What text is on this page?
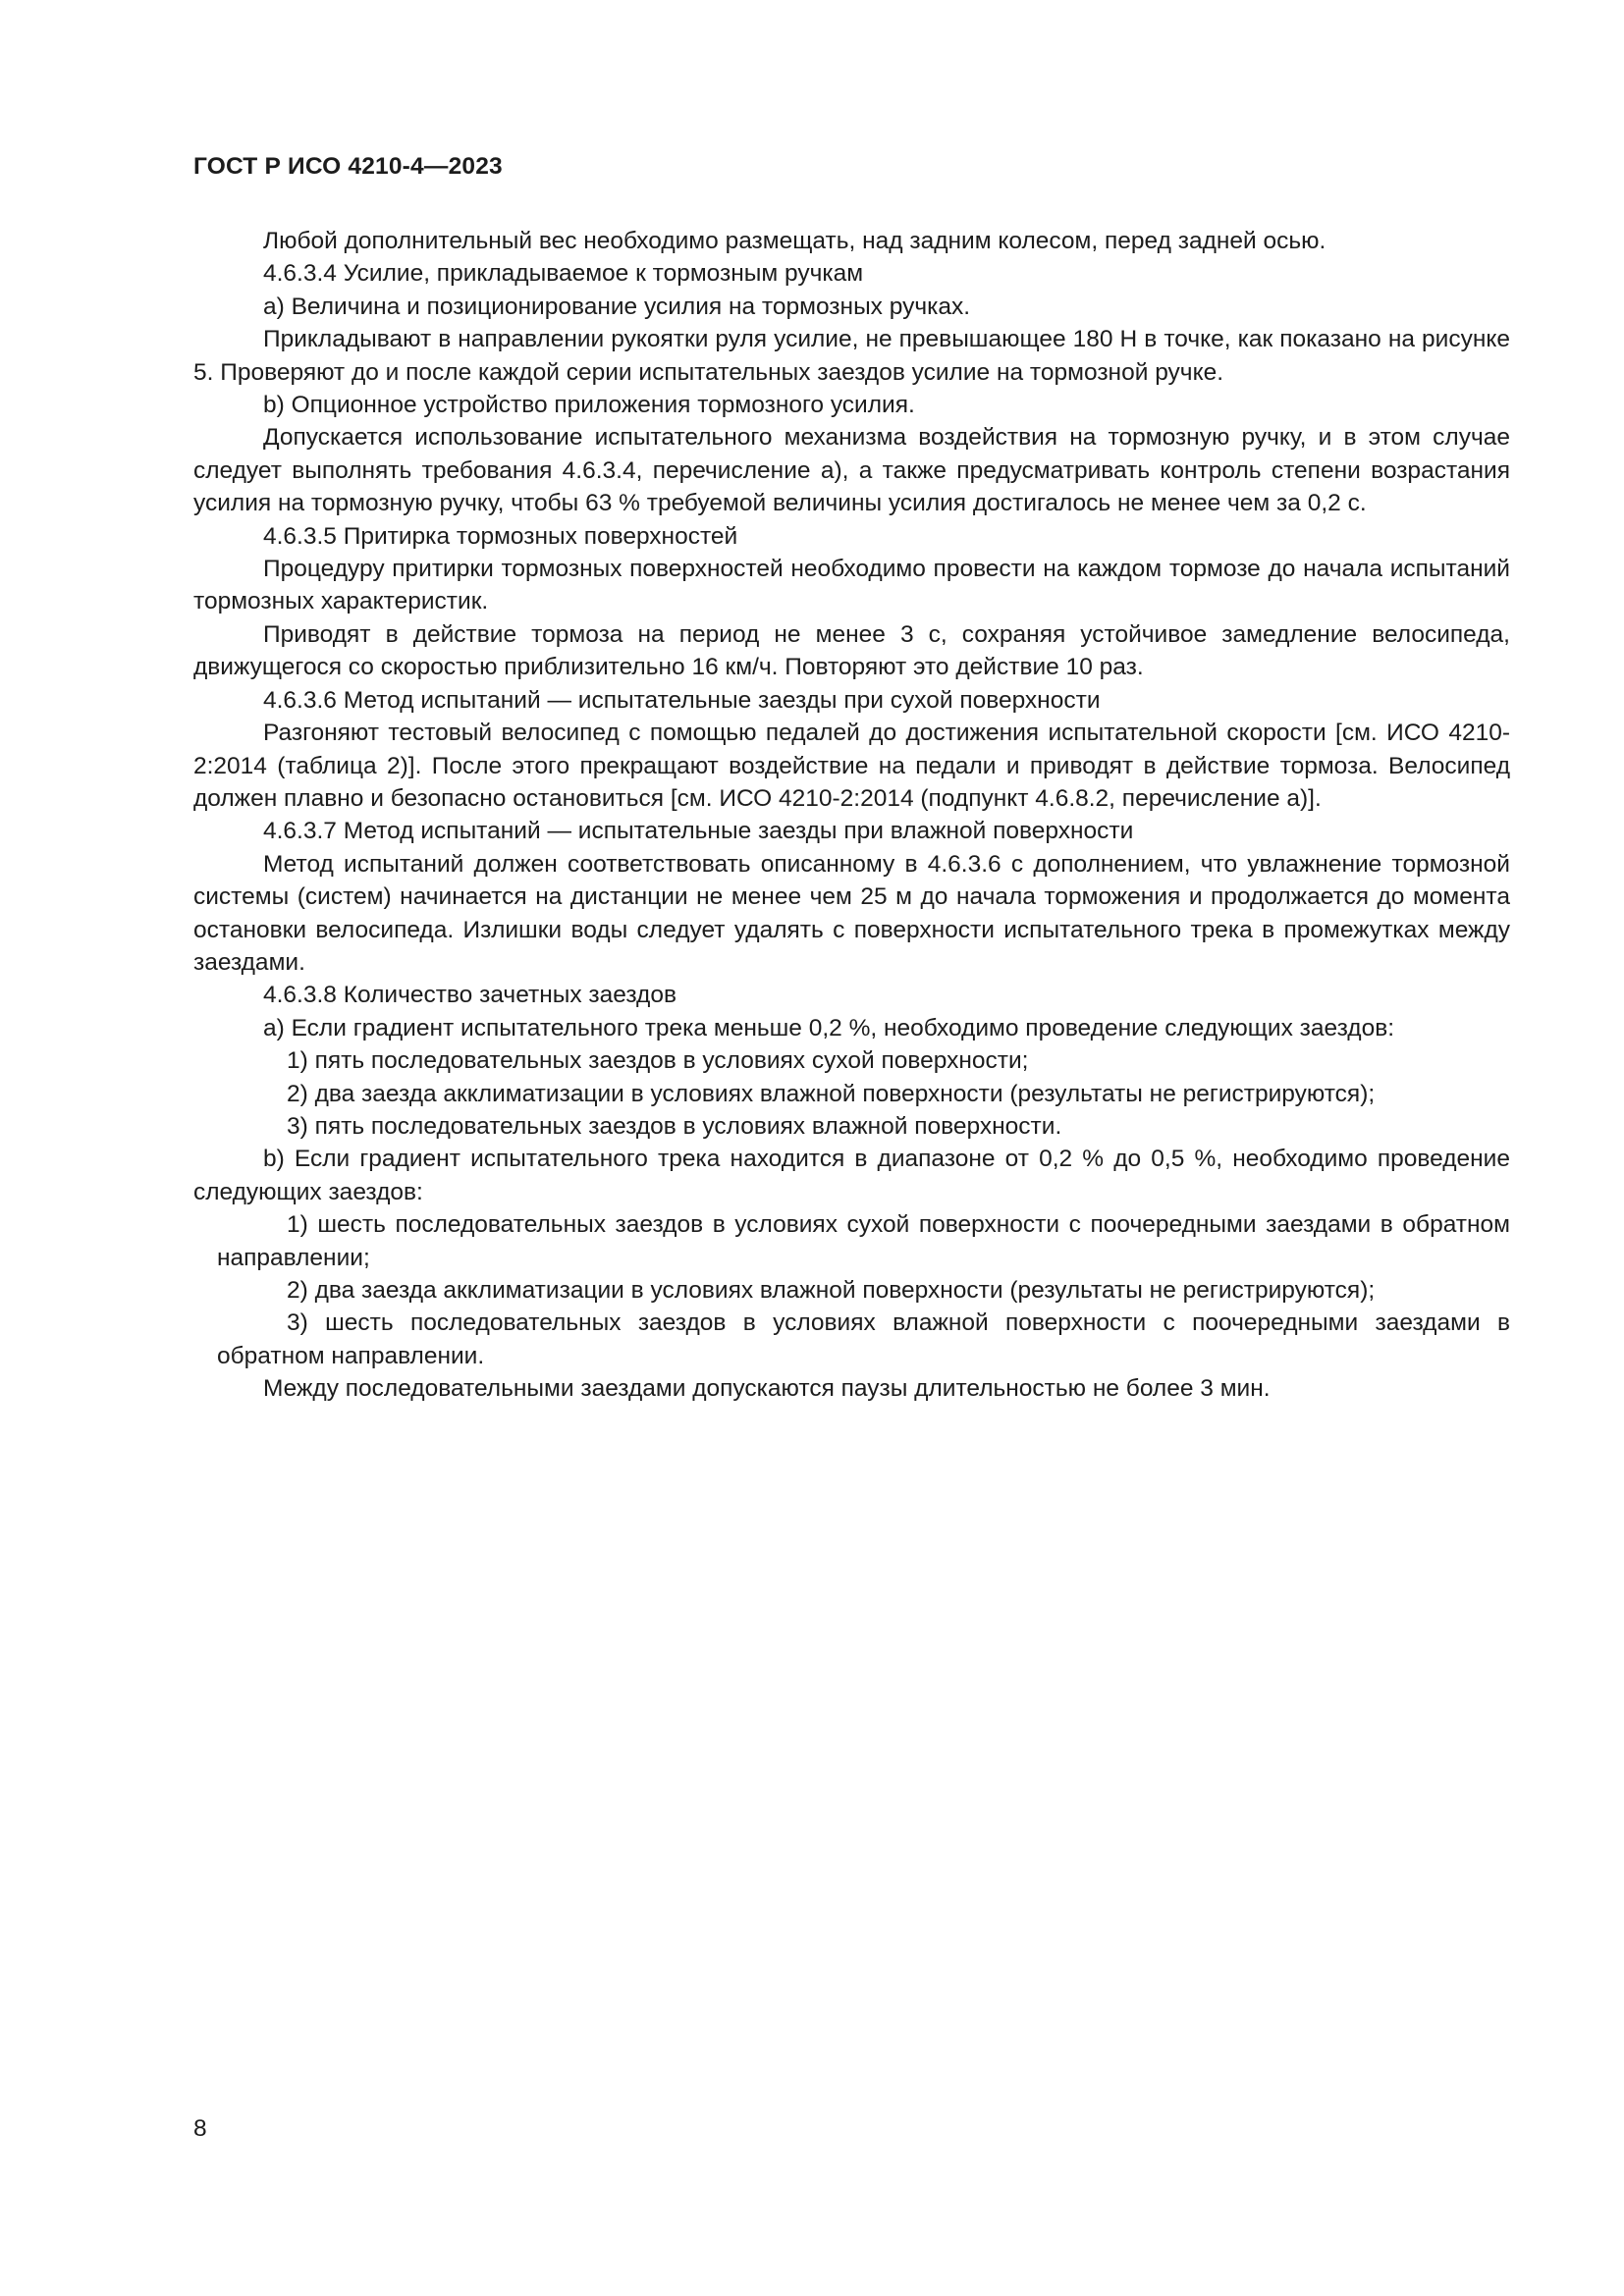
ГОСТ Р ИСО 4210-4—2023

Любой дополнительный вес необходимо размещать, над задним колесом, перед задней осью.

4.6.3.4 Усилие, прикладываемое к тормозным ручкам

a) Величина и позиционирование усилия на тормозных ручках.

Прикладывают в направлении рукоятки руля усилие, не превышающее 180 Н в точке, как показано на рисунке 5. Проверяют до и после каждой серии испытательных заездов усилие на тормозной ручке.

b) Опционное устройство приложения тормозного усилия.

Допускается использование испытательного механизма воздействия на тормозную ручку, и в этом случае следует выполнять требования 4.6.3.4, перечисление а), а также предусматривать контроль степени возрастания усилия на тормозную ручку, чтобы 63 % требуемой величины усилия достигалось не менее чем за 0,2 с.

4.6.3.5 Притирка тормозных поверхностей

Процедуру притирки тормозных поверхностей необходимо провести на каждом тормозе до начала испытаний тормозных характеристик.

Приводят в действие тормоза на период не менее 3 с, сохраняя устойчивое замедление велосипеда, движущегося со скоростью приблизительно 16 км/ч. Повторяют это действие 10 раз.

4.6.3.6 Метод испытаний — испытательные заезды при сухой поверхности

Разгоняют тестовый велосипед с помощью педалей до достижения испытательной скорости [см. ИСО 4210-2:2014 (таблица 2)]. После этого прекращают воздействие на педали и приводят в действие тормоза. Велосипед должен плавно и безопасно остановиться [см. ИСО 4210-2:2014 (подпункт 4.6.8.2, перечисление а)].

4.6.3.7 Метод испытаний — испытательные заезды при влажной поверхности

Метод испытаний должен соответствовать описанному в 4.6.3.6 с дополнением, что увлажнение тормозной системы (систем) начинается на дистанции не менее чем 25 м до начала торможения и продолжается до момента остановки велосипеда. Излишки воды следует удалять с поверхности испытательного трека в промежутках между заездами.

4.6.3.8 Количество зачетных заездов

a) Если градиент испытательного трека меньше 0,2 %, необходимо проведение следующих заездов:

1) пять последовательных заездов в условиях сухой поверхности;

2) два заезда акклиматизации в условиях влажной поверхности (результаты не регистрируются);

3) пять последовательных заездов в условиях влажной поверхности.

b) Если градиент испытательного трека находится в диапазоне от 0,2 % до 0,5 %, необходимо проведение следующих заездов:

1) шесть последовательных заездов в условиях сухой поверхности с поочередными заездами в обратном направлении;

2) два заезда акклиматизации в условиях влажной поверхности (результаты не регистрируются);

3) шесть последовательных заездов в условиях влажной поверхности с поочередными заездами в обратном направлении.

Между последовательными заездами допускаются паузы длительностью не более 3 мин.

8
